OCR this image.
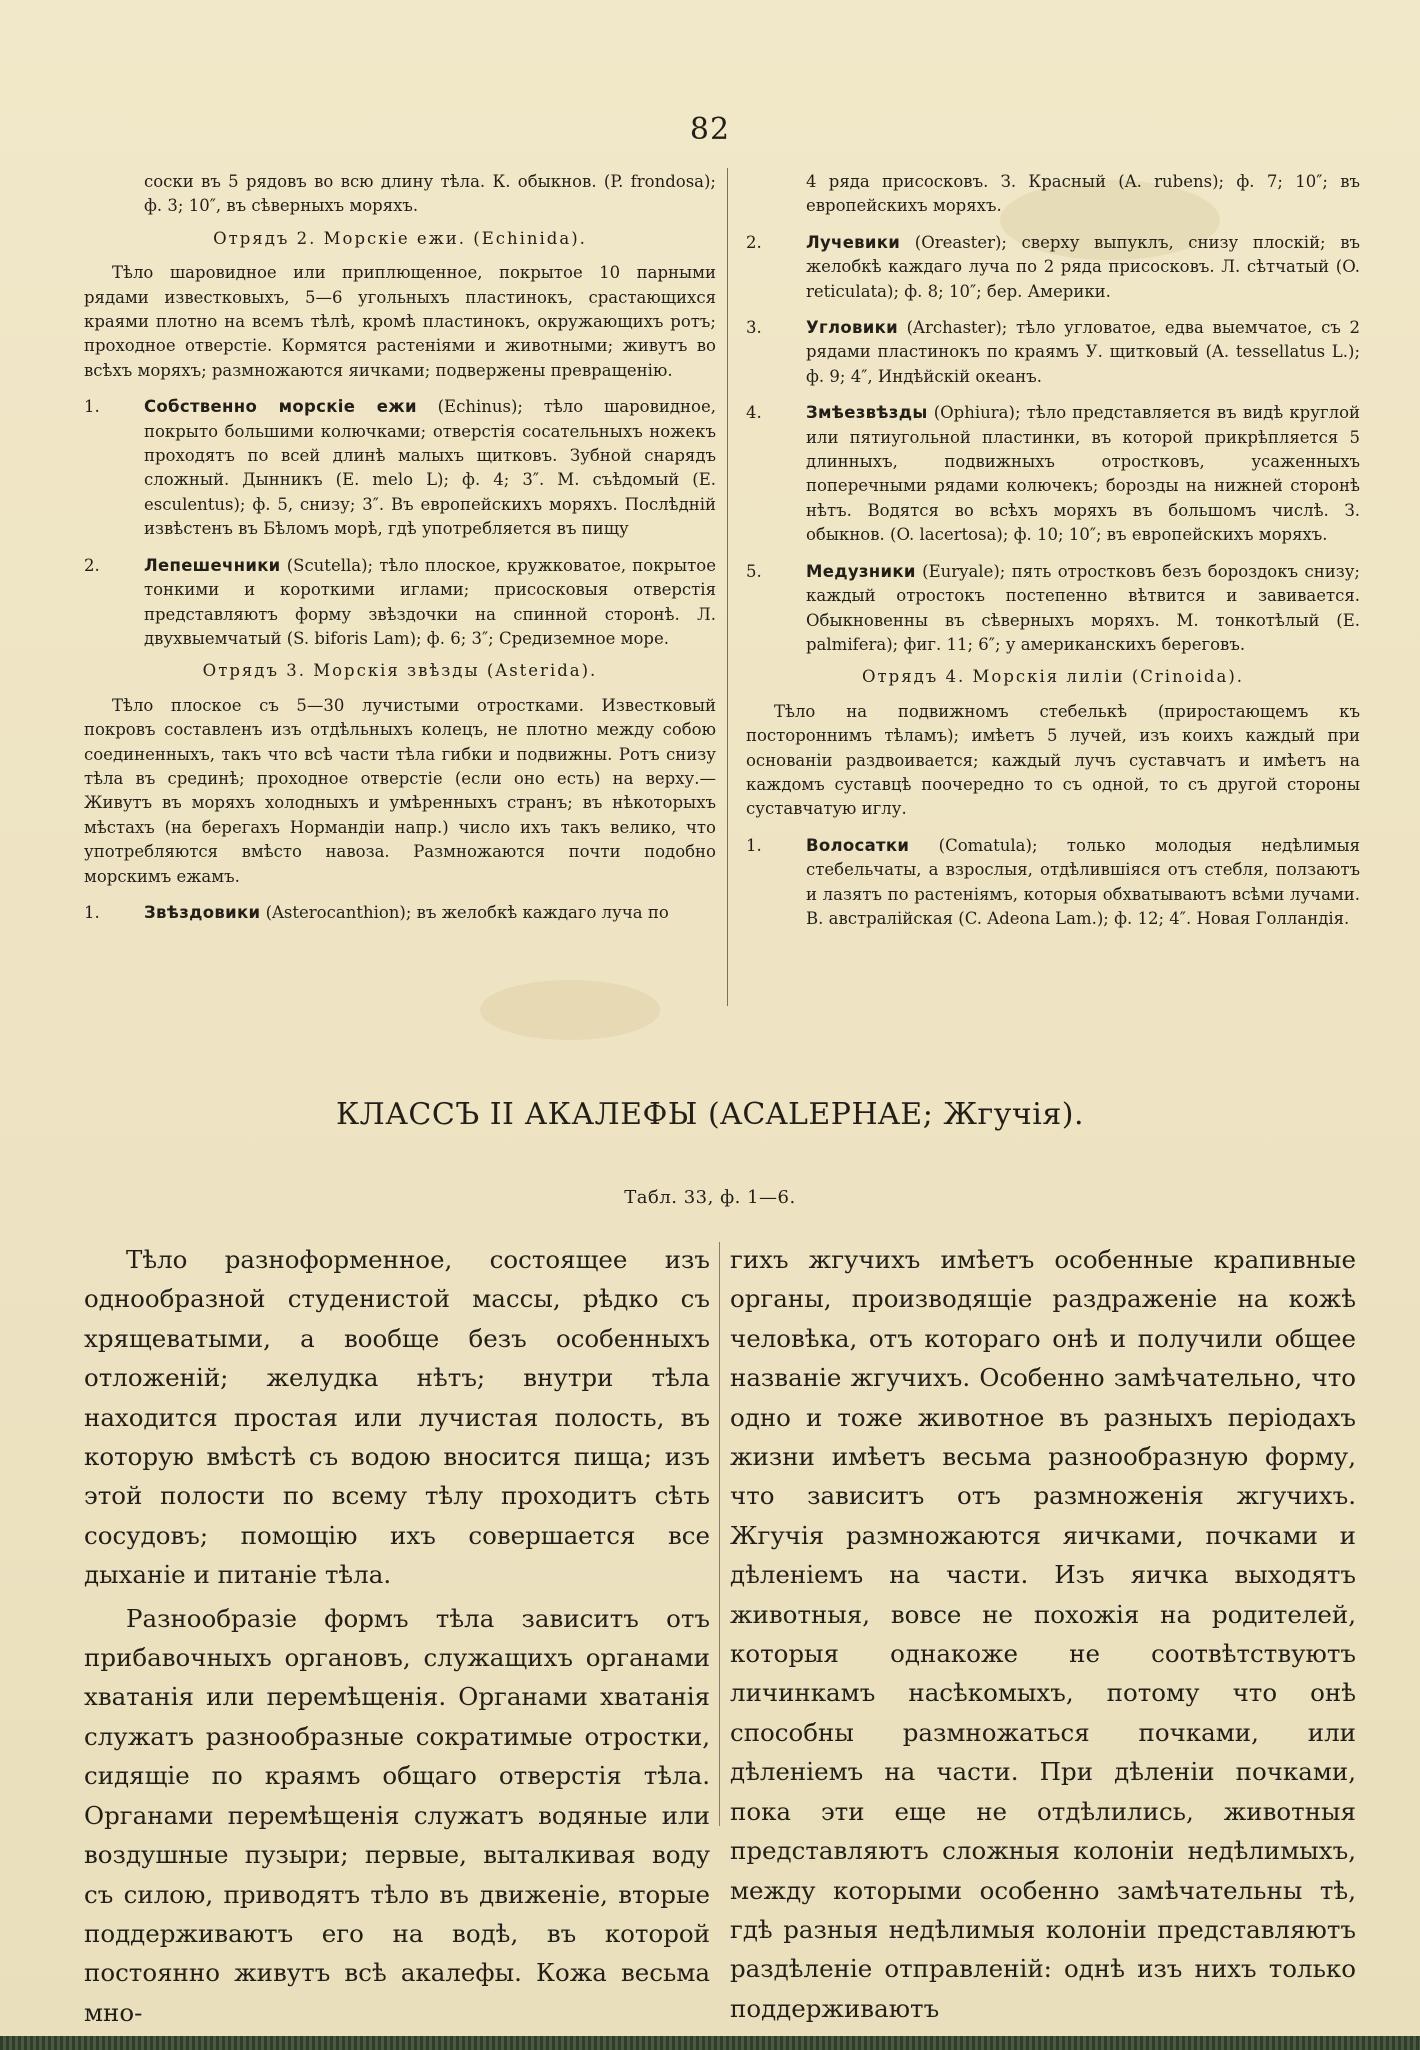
82

соски въ 5 рядовъ во всю длину тѣла. К. обыкнов. (P. frondosa); ф. 3; 10″, въ сѣверныхъ моряхъ.

Отрядъ 2. Морскіе ежи. (Echinida).

Тѣло шаровидное или приплющенное, покрытое 10 парными рядами известковыхъ, 5—6 угольныхъ пластинокъ, срастающихся краями плотно на всемъ тѣлѣ, кромѣ пластинокъ, окружающихъ ротъ; проходное отверстіе. Кормятся растеніями и животными; живутъ во всѣхъ моряхъ; размножаются яичками; подвержены превращенію.

1.	Собственно морскіе ежи (Echinus); тѣло шаровидное, покрыто большими колючками; отверстія сосательныхъ ножекъ проходятъ по всей длинѣ малыхъ щитковъ. Зубной снарядъ сложный. Дынникъ (E. melo L); ф. 4; 3″. М. съѣдомый (E. esculentus); ф. 5, снизу; 3″. Въ европейскихъ моряхъ. Послѣдній извѣстенъ въ Бѣломъ морѣ, гдѣ употребляется въ пищу

2.	Лепешечники (Scutella); тѣло плоское, кружковатое, покрытое тонкими и короткими иглами; присосковыя отверстія представляютъ форму звѣздочки на спинной сторонѣ. Л. двухвыемчатый (S. biforis Lam); ф. 6; 3″; Средиземное море.

Отрядъ 3. Морскія звѣзды (Asterida).

Тѣло плоское съ 5—30 лучистыми отростками. Известковый покровъ составленъ изъ отдѣльныхъ колецъ, не плотно между собою соединенныхъ, такъ что всѣ части тѣла гибки и подвижны. Ротъ снизу тѣла въ срединѣ; проходное отверстіе (если оно есть) на верху.—Живутъ въ моряхъ холодныхъ и умѣренныхъ странъ; въ нѣкоторыхъ мѣстахъ (на берегахъ Нормандіи напр.) число ихъ такъ велико, что употребляются вмѣсто навоза. Размножаются почти подобно морскимъ ежамъ.

1.	Звѣздовики (Asterocanthion); въ желобкѣ каждаго луча по

4 ряда присосковъ. З. Красный (A. rubens); ф. 7; 10″; въ европейскихъ моряхъ.

2.	Лучевики (Oreaster); сверху выпуклъ, снизу плоскій; въ желобкѣ каждаго луча по 2 ряда присосковъ. Л. сѣтчатый (O. reticulata); ф. 8; 10″; бер. Америки.

3.	Угловики (Archaster); тѣло угловатое, едва выемчатое, съ 2 рядами пластинокъ по краямъ У. щитковый (A. tessellatus L.); ф. 9; 4″, Индѣйскій океанъ.

4.	Змѣезвѣзды (Ophiura); тѣло представляется въ видѣ круглой или пятиугольной пластинки, въ которой прикрѣпляется 5 длинныхъ, подвижныхъ отростковъ, усаженныхъ поперечными рядами колючекъ; борозды на нижней сторонѣ нѣтъ. Водятся во всѣхъ моряхъ въ большомъ числѣ. З. обыкнов. (O. lacertosa); ф. 10; 10″; въ европейскихъ моряхъ.

5.	Медузники (Euryale); пять отростковъ безъ бороздокъ снизу; каждый отростокъ постепенно вѣтвится и завивается. Обыкновенны въ сѣверныхъ моряхъ. М. тонкотѣлый (E. palmifera); фиг. 11; 6″; у американскихъ береговъ.

Отрядъ 4. Морскія лиліи (Crinoida).

Тѣло на подвижномъ стебелькѣ (приростающемъ къ постороннимъ тѣламъ); имѣетъ 5 лучей, изъ коихъ каждый при основаніи раздвоивается; каждый лучъ суставчатъ и имѣетъ на каждомъ суставцѣ поочередно то съ одной, то съ другой стороны суставчатую иглу.

1.	Волосатки (Comatula); только молодыя недѣлимыя стебельчаты, а взрослыя, отдѣлившіяся отъ стебля, ползаютъ и лазятъ по растеніямъ, которыя обхватываютъ всѣми лучами. В. австралійская (C. Adeona Lam.); ф. 12; 4″. Новая Голландія.

КЛАССЪ II АКАЛЕФЫ (ACALEPHAE; Жгучія).
Табл. 33, ф. 1—6.

Тѣло разноформенное, состоящее изъ однообразной студенистой массы, рѣдко съ хрящеватыми, а вообще безъ особенныхъ отложеній; желудка нѣтъ; внутри тѣла находится простая или лучистая полость, въ которую вмѣстѣ съ водою вносится пища; изъ этой полости по всему тѣлу проходитъ сѣть сосудовъ; помощію ихъ совершается все дыханіе и питаніе тѣла.

Разнообразіе формъ тѣла зависитъ отъ прибавочныхъ органовъ, служащихъ органами хватанія или перемѣщенія. Органами хватанія служатъ разнообразные сократимые отростки, сидящіе по краямъ общаго отверстія тѣла. Органами перемѣщенія служатъ водяные или воздушные пузыри; первые, выталкивая воду съ силою, приводятъ тѣло въ движеніе, вторые поддерживаютъ его на водѣ, въ которой постоянно живутъ всѣ акалефы. Кожа весьма мно-

гихъ жгучихъ имѣетъ особенные крапивные органы, производящіе раздраженіе на кожѣ человѣка, отъ котораго онѣ и получили общее названіе жгучихъ. Особенно замѣчательно, что одно и тоже животное въ разныхъ періодахъ жизни имѣетъ весьма разнообразную форму, что зависитъ отъ размноженія жгучихъ. Жгучія размножаются яичками, почками и дѣленіемъ на части. Изъ яичка выходятъ животныя, вовсе не похожія на родителей, которыя однакоже не соотвѣтствуютъ личинкамъ насѣкомыхъ, потому что онѣ способны размножаться почками, или дѣленіемъ на части. При дѣленіи почками, пока эти еще не отдѣлились, животныя представляютъ сложныя колоніи недѣлимыхъ, между которыми особенно замѣчательны тѣ, гдѣ разныя недѣлимыя колоніи представляютъ раздѣленіе отправленій: однѣ изъ нихъ только поддерживаютъ
